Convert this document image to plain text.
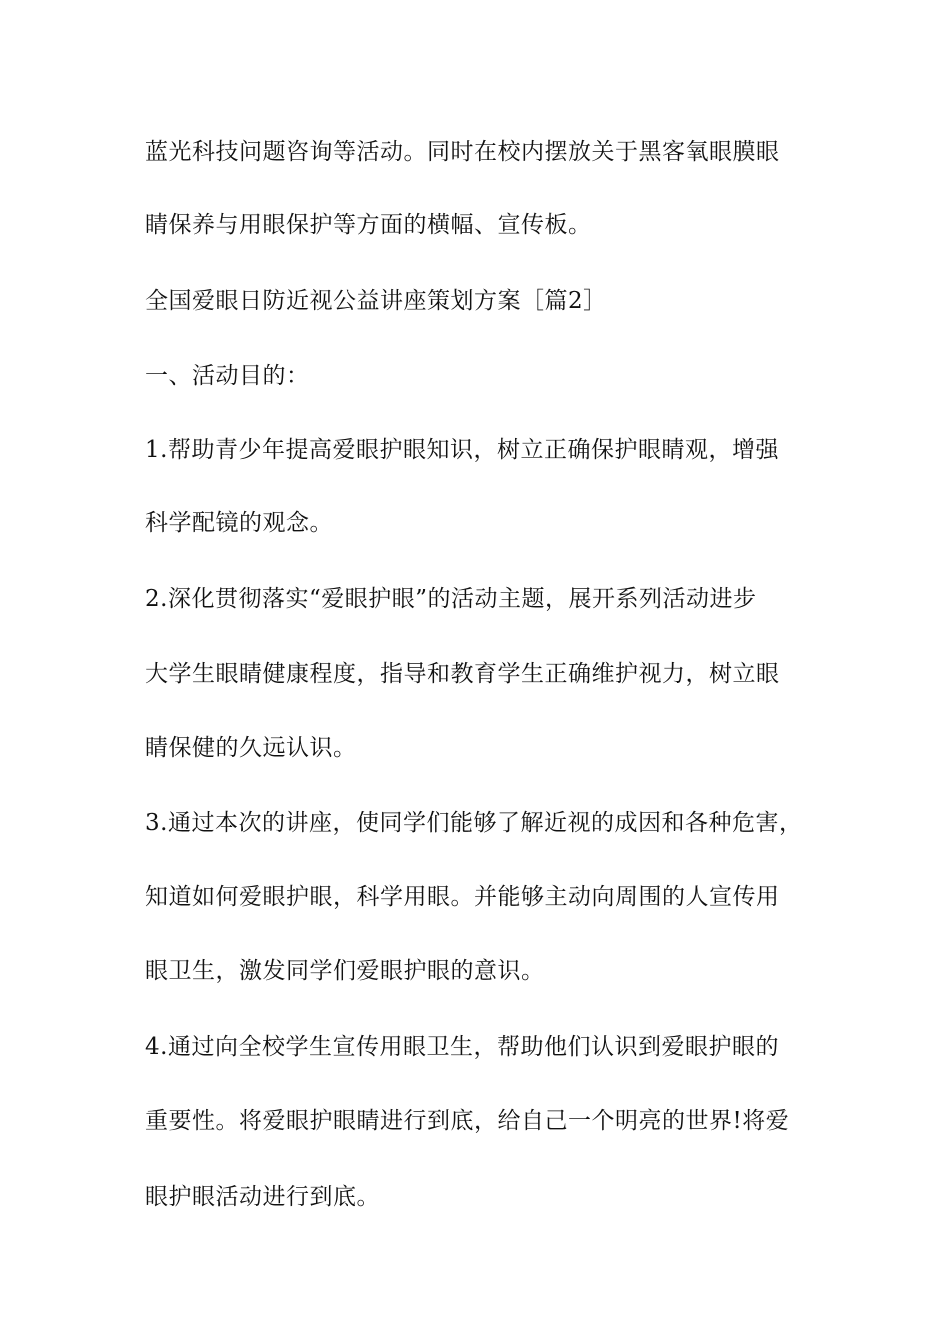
蓝光科技问题咨询等活动。同时在校内摆放关于黑客氧眼膜眼
睛保养与用眼保护等方面的横幅、宣传板。
全国爱眼日防近视公益讲座策划方案［篇2］
一、活动目的：
1.帮助青少年提高爱眼护眼知识，树立正确保护眼睛观，增强
科学配镜的观念。
2.深化贯彻落实“爱眼护眼”的活动主题，展开系列活动进步
大学生眼睛健康程度，指导和教育学生正确维护视力，树立眼
睛保健的久远认识。
3.通过本次的讲座，使同学们能够了解近视的成因和各种危害，
知道如何爱眼护眼，科学用眼。并能够主动向周围的人宣传用
眼卫生，激发同学们爱眼护眼的意识。
4.通过向全校学生宣传用眼卫生，帮助他们认识到爱眼护眼的
重要性。将爱眼护眼睛进行到底，给自己一个明亮的世界!将爱
眼护眼活动进行到底。
